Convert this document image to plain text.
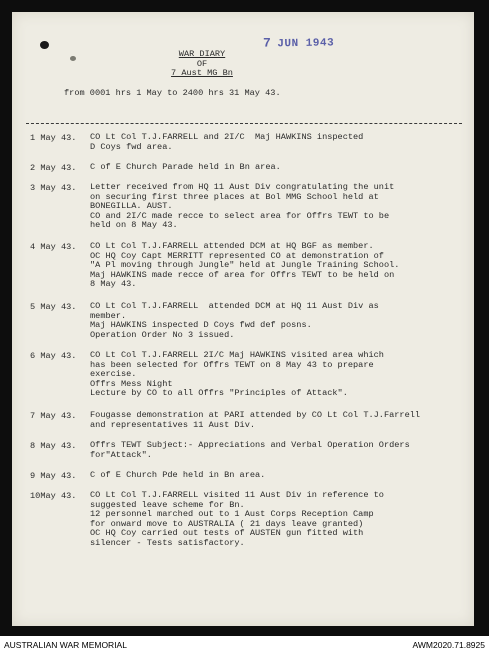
7 JUN 1943
WAR DIARY
OF
7 Aust MG Bn
from 0001 hrs 1 May to 2400 hrs 31 May 43.
1 May 43.	CO Lt Col T.J.FARRELL and 2I/C  Maj HAWKINS inspected
D Coys fwd area.
2 May 43.	C of E Church Parade held in Bn area.
3 May 43.	Letter received from HQ 11 Aust Div congratulating the unit
on securing first three places at Bol MMG School held at
BONEGILLA. AUST.
CO and 2I/C made recce to select area for Offrs TEWT to be
held on 8 May 43.
4 May 43.	CO Lt Col T.J.FARRELL attended DCM at HQ BGF as member.
OC HQ Coy Capt MERRITT represented CO at demonstration of
"A Pl moving through Jungle" held at Jungle Training School.
Maj HAWKINS made recce of area for Offrs TEWT to be held on
8 May 43.
5 May 43.	CO Lt Col T.J.FARRELL  attended DCM at HQ 11 Aust Div as
member.
Maj HAWKINS inspected D Coys fwd def posns.
Operation Order No 3 issued.
6 May 43.	CO Lt Col T.J.FARRELL 2I/C Maj HAWKINS visited area which
has been selected for Offrs TEWT on 8 May 43 to prepare
exercise.
Offrs Mess Night
Lecture by CO to all Offrs "Principles of Attack".
7 May 43.	Fougasse demonstration at PARI attended by CO Lt Col T.J.Farrell
and representatives 11 Aust Div.
8 May 43.	Offrs TEWT Subject:- Appreciations and Verbal Operation Orders
for"Attack".
9 May 43.	C of E Church Pde held in Bn area.
10May 43.	CO Lt Col T.J.FARRELL visited 11 Aust Div in reference to
suggested leave scheme for Bn.
12 personnel marched out to 1 Aust Corps Reception Camp
for onward move to AUSTRALIA ( 21 days leave granted)
OC HQ Coy carried out tests of AUSTEN gun fitted with
silencer - Tests satisfactory.
AUSTRALIAN WAR MEMORIAL	AWM2020.71.8925
